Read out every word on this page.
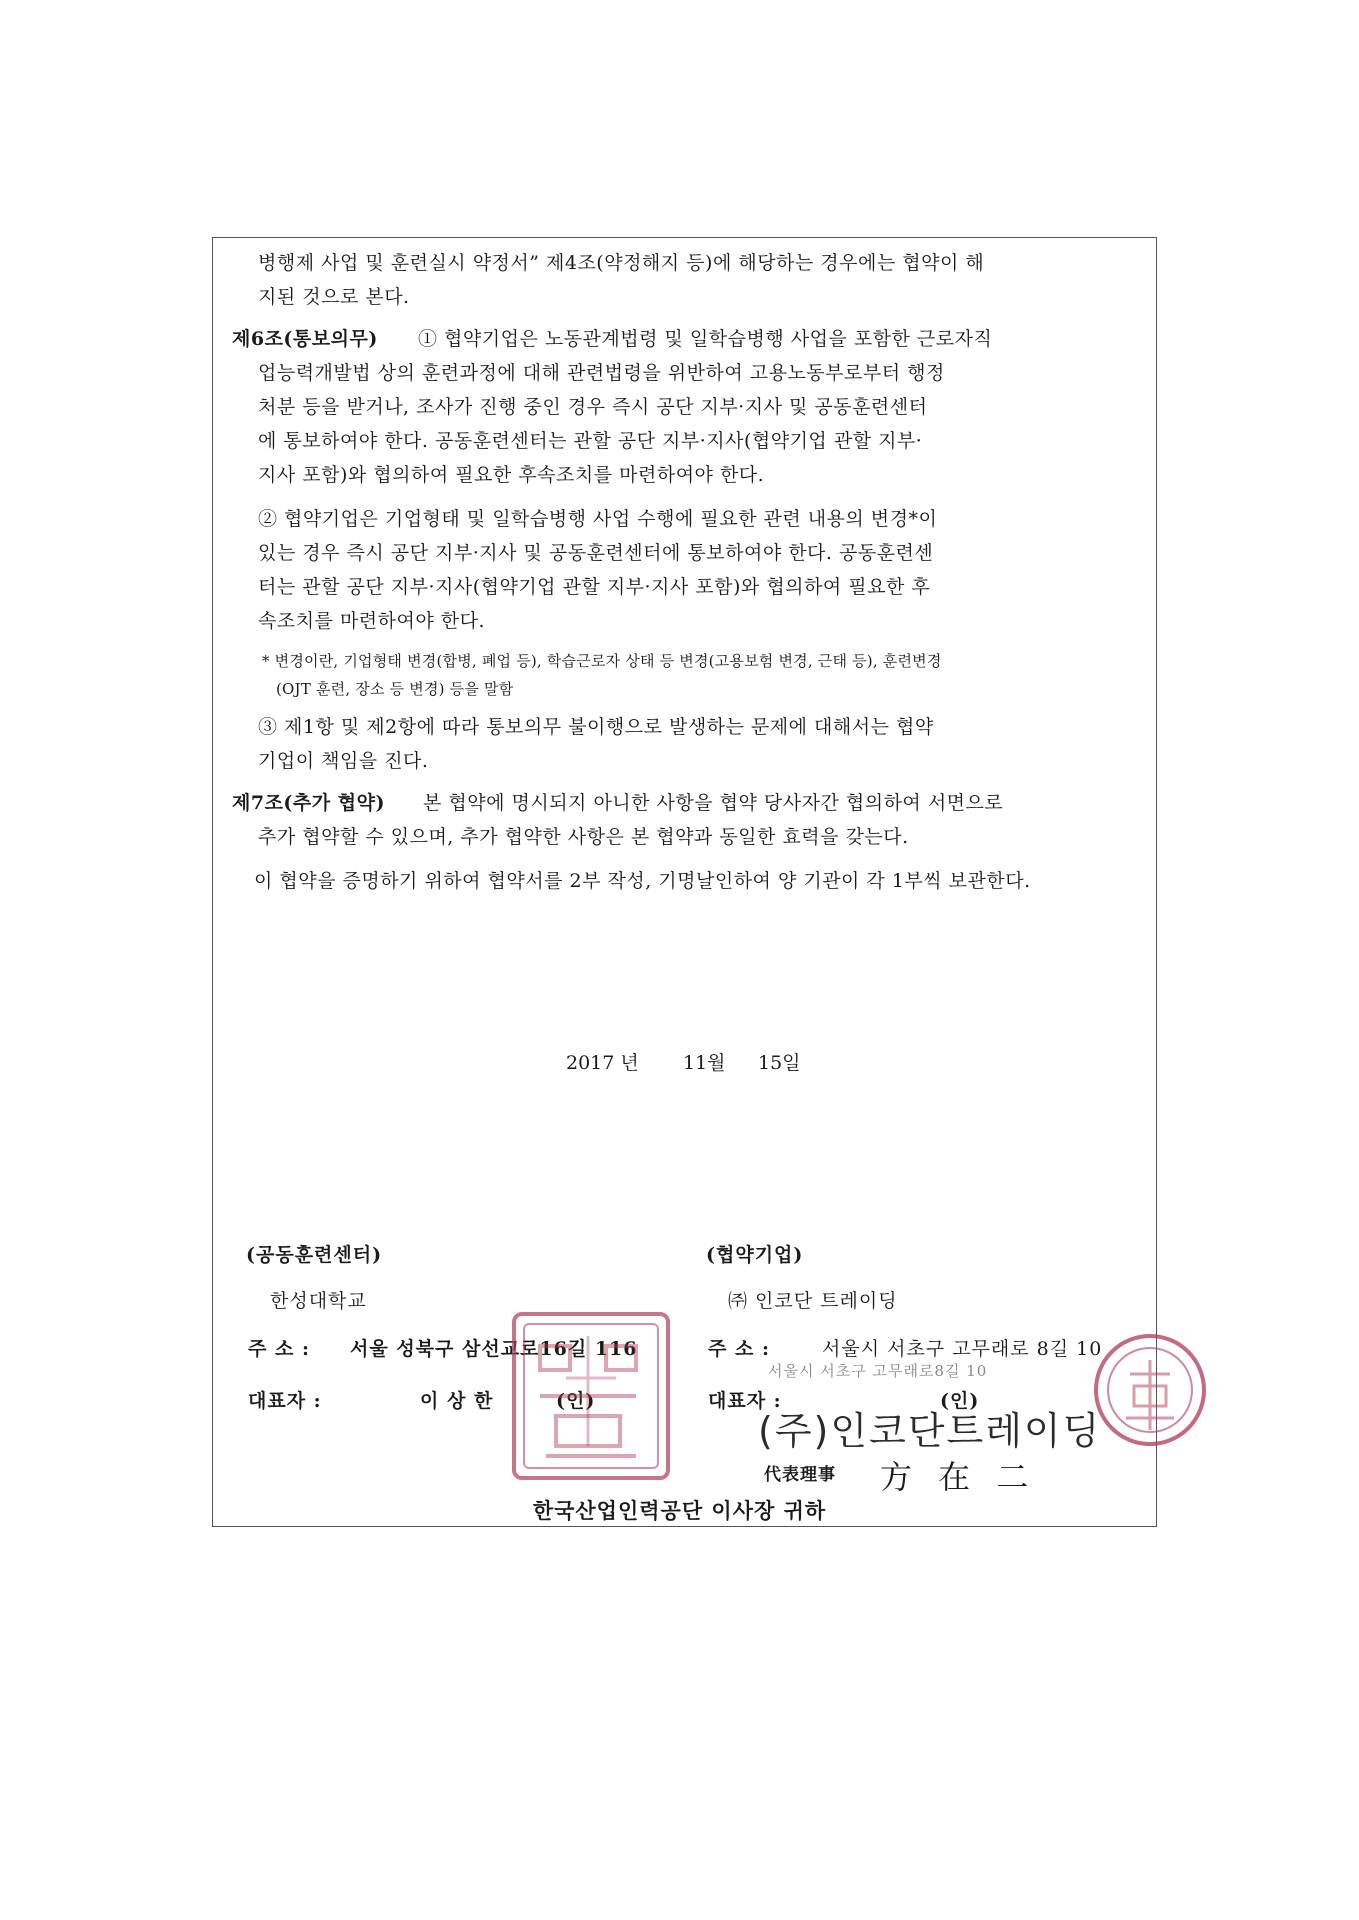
병행제 사업 및 훈련실시 약정서” 제4조(약정해지 등)에 해당하는 경우에는 협약이 해
지된 것으로 본다.
제6조(통보의무) ① 협약기업은 노동관계법령 및 일학습병행 사업을 포함한 근로자직
업능력개발법 상의 훈련과정에 대해 관련법령을 위반하여 고용노동부로부터 행정
처분 등을 받거나, 조사가 진행 중인 경우 즉시 공단 지부·지사 및 공동훈련센터
에 통보하여야 한다. 공동훈련센터는 관할 공단 지부·지사(협약기업 관할 지부·
지사 포함)와 협의하여 필요한 후속조치를 마련하여야 한다.
② 협약기업은 기업형태 및 일학습병행 사업 수행에 필요한 관련 내용의 변경*이
있는 경우 즉시 공단 지부·지사 및 공동훈련센터에 통보하여야 한다. 공동훈련센
터는 관할 공단 지부·지사(협약기업 관할 지부·지사 포함)와 협의하여 필요한 후
속조치를 마련하여야 한다.
* 변경이란, 기업형태 변경(합병, 폐업 등), 학습근로자 상태 등 변경(고용보험 변경, 근태 등), 훈련변경
(OJT 훈련, 장소 등 변경) 등을 말함
③ 제1항 및 제2항에 따라 통보의무 불이행으로 발생하는 문제에 대해서는 협약
기업이 책임을 진다.
제7조(추가 협약) 본 협약에 명시되지 아니한 사항을 협약 당사자간 협의하여 서면으로
추가 협약할 수 있으며, 추가 협약한 사항은 본 협약과 동일한 효력을 갖는다.
이 협약을 증명하기 위하여 협약서를 2부 작성, 기명날인하여 양 기관이 각 1부씩 보관한다.
2017 년 11월 15일
(공동훈련센터)
한성대학교
주 소 : 서울 성북구 삼선교로16길 116
대표자 :	이 상 한	(인)
(협약기업)
㈜ 인코단 트레이딩
주 소 :	서울시 서초구 고무래로 8길 10
대표자 :	(인)
서울시 서초구 고무래로8길 10
(주)인코단트레이딩
代表理事 方 在 二
한국산업인력공단 이사장 귀하
